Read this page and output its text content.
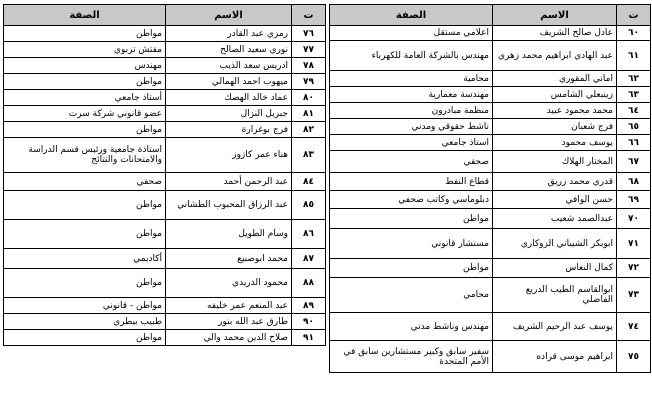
ت	الاسم	الصفة
٦٠	عادل صالح الشريف	اعلامي مستقل
٦١	عبد الهادي ابراهيم محمد زهري	مهندس بالشركة العامة للكهرباء
٦٢	اماني المقوري	محامية
٦٣	زينبعلي الشامس	مهندسة معمارية
٦٤	محمد محمود عبيد	منظمة مبادرون
٦٥	فرج شعبان	ناشط حقوقي ومدني
٦٦	يوسف محمود	استاذ جامعي
٦٧	المختار الهلاك	صحفي
٦٨	قدري محمد زريق	قطاع النفط
٦٩	حسن الوافي	دبلوماسي وكاتب صحفي
٧٠	عبدالصمد شعيب	مواطن
٧١	ابوبكر الشيباني الزوكاري	مستشار قانوني
٧٢	كمال النعاس	مواطن
٧٣	ابوالقاسم الطيب الدريع الفاضلي	محامي
٧٤	يوسف عبد الرحيم الشريف	مهندس وناشط مدني
٧٥	ابراهيم موسى قراده	سفير سابق وكبير مستشارين سابق في الأمم المتحدة
ت	الاسم	الصفة
٧٦	رمزي عبد القادر	مواطن
٧٧	نوري سعيد الصالح	مفتش تربوي
٧٨	ادريس سعد الذيب	مهندس
٧٩	ميهوب احمد الهمالي	مواطن
٨٠	عماد خالد الهصك	أستاذ جامعي
٨١	جبريل النزال	عضو قانوني شركة سرت
٨٢	فرج بوغرارة	مواطن
٨٣	هناء عمر كازوز	استاذة جامعية ورئيس قسم الدراسة والامتحانات والنتائج
٨٤	عبد الرحمن أحمد	صحفي
٨٥	عبد الرزاق المحبوب الطشاني	مواطن
٨٦	وسام الطويل	مواطن
٨٧	محمد ابوصبيع	أكاديمي
٨٨	محمود الدريدي	مواطن
٨٩	عبد المنعم عمر خليفه	مواطن - قانوني
٩٠	طارق عبد الله بنور	طبيب بيطري
٩١	صلاح الدين محمد والي	مواطن
